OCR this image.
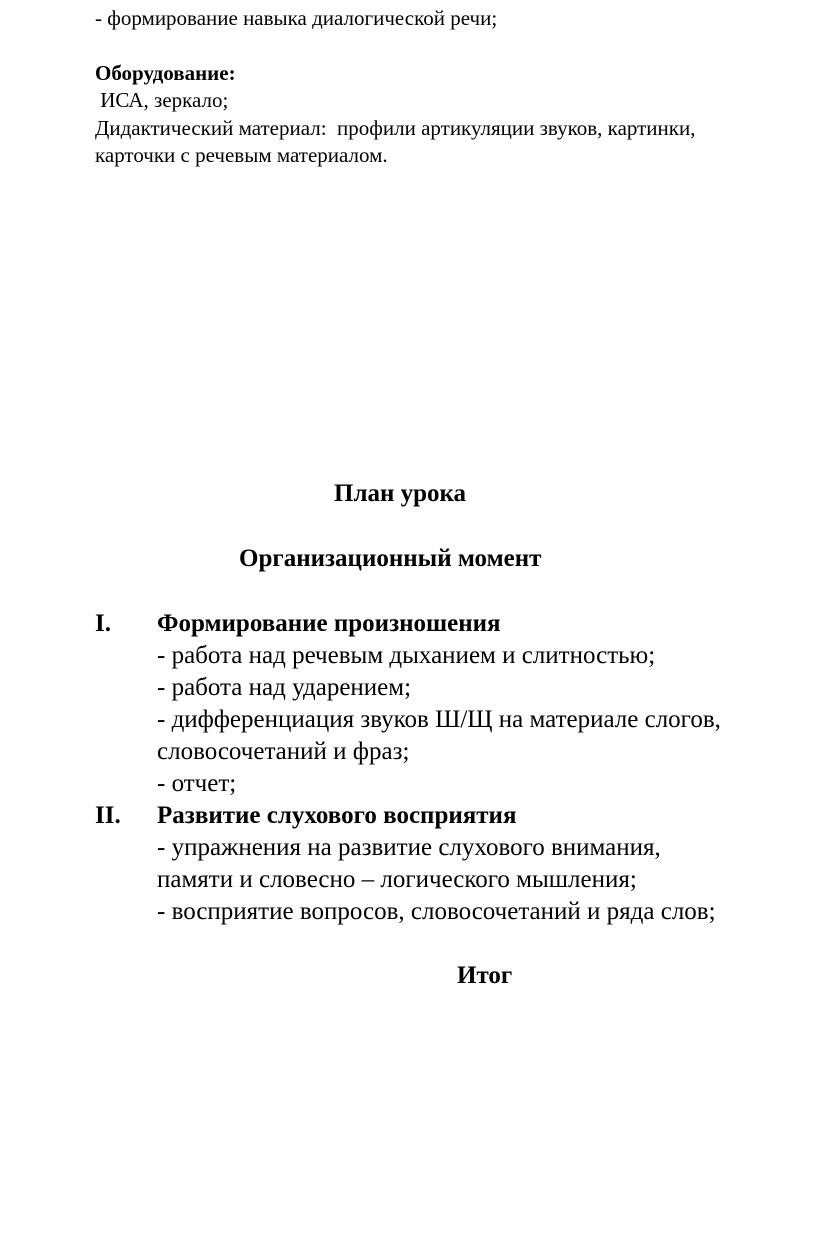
- формирование навыка диалогической речи;
Оборудование:
ИСА, зеркало;
Дидактический материал:  профили артикуляции звуков, картинки,
карточки с речевым материалом.
План урока
Организационный момент
I. Формирование произношения
- работа над речевым дыханием и слитностью;
- работа над ударением;
- дифференциация звуков Ш/Щ на материале слогов,
словосочетаний и фраз;
- отчет;
II. Развитие слухового восприятия
- упражнения на развитие слухового внимания,
памяти и словесно – логического мышления;
- восприятие вопросов, словосочетаний и ряда слов;
Итог
